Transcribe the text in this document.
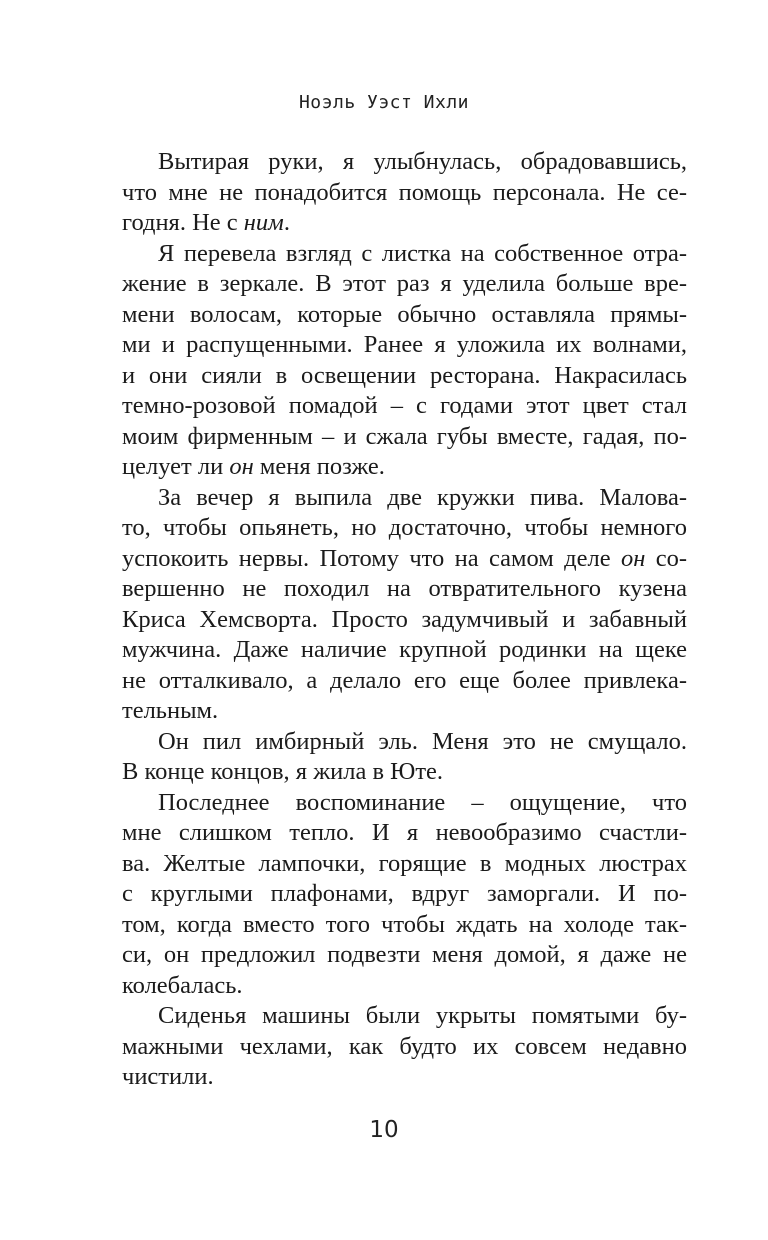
Ноэль Уэст Ихли
Вытирая руки, я улыбнулась, обрадовавшись,
что мне не понадобится помощь персонала. Не се-
годня. Не с ним.
Я перевела взгляд с листка на собственное отра-
жение в зеркале. В этот раз я уделила больше вре-
мени волосам, которые обычно оставляла прямы-
ми и распущенными. Ранее я уложила их волнами,
и они сияли в освещении ресторана. Накрасилась
темно-розовой помадой – с годами этот цвет стал
моим фирменным – и сжала губы вместе, гадая, по-
целует ли он меня позже.
За вечер я выпила две кружки пива. Малова-
то, чтобы опьянеть, но достаточно, чтобы немного
успокоить нервы. Потому что на самом деле он со-
вершенно не походил на отвратительного кузена
Криса Хемсворта. Просто задумчивый и забавный
мужчина. Даже наличие крупной родинки на щеке
не отталкивало, а делало его еще более привлека-
тельным.
Он пил имбирный эль. Меня это не смущало.
В конце концов, я жила в Юте.
Последнее воспоминание – ощущение, что
мне слишком тепло. И я невообразимо счастли-
ва. Желтые лампочки, горящие в модных люстрах
с круглыми плафонами, вдруг заморгали. И по-
том, когда вместо того чтобы ждать на холоде так-
си, он предложил подвезти меня домой, я даже не
колебалась.
Сиденья машины были укрыты помятыми бу-
мажными чехлами, как будто их совсем недавно
чистили.
10
